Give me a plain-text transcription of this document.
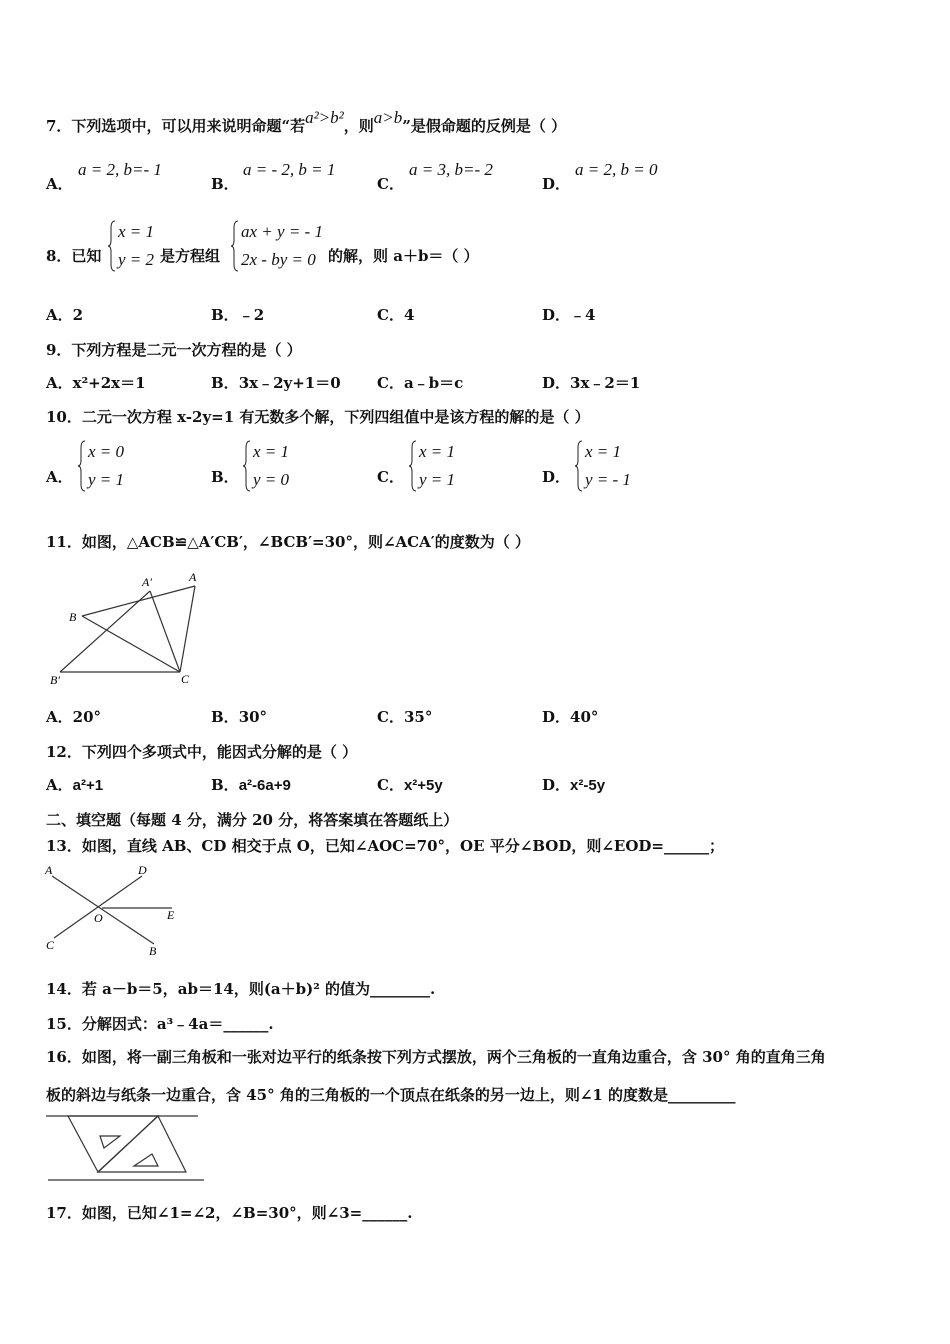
7．下列选项中，可以用来说明命题“若a²>b²，则a>b”是假命题的反例是（ ）
A．
a = 2, b=- 1
B．
a = - 2, b = 1
C．
a = 3, b=- 2
D．
a = 2, b = 0
8．已知
x = 1
y = 2 是方程组
ax + y = - 1
2x - by = 0 的解，则 a＋b＝（ ）
A．2	B．﹣2	C．4	D．﹣4
9．下列方程是二元一次方程的是（ ）
A．x²+2x＝1	B．3x﹣2y+1＝0 C．a﹣b＝c	D．3x﹣2＝1
10．二元一次方程 x-2y=1 有无数多个解，下列四组值中是该方程的解的是（ ）
A．
x = 0
y = 1	B．
x = 1
y = 0	C．
x = 1
y = 1	D．
x = 1
y = - 1
11．如图，△ACB≌△A′CB′，∠BCB′=30°，则∠ACA′的度数为（ ）
A′	A
B
B′	C
A．20°	B．30°	C．35°	D．40°
12．下列四个多项式中，能因式分解的是（ ）
A．a²+1	B．a²-6a+9	C．x²+5y	D．x²-5y
二、填空题（每题 4 分，满分 20 分，将答案填在答题纸上）
13．如图，直线 AB、CD 相交于点 O，已知∠AOC=70°，OE 平分∠BOD，则∠EOD=______；
A	D
O	E
C	B
14．若 a－b＝5，ab＝14，则(a＋b)² 的值为________.
15．分解因式：a³﹣4a＝______.
16．如图，将一副三角板和一张对边平行的纸条按下列方式摆放，两个三角板的一直角边重合，含 30° 角的直角三角
板的斜边与纸条一边重合，含 45° 角的三角板的一个顶点在纸条的另一边上，则∠1 的度数是_________
17．如图，已知∠1=∠2，∠B=30°，则∠3=______.
